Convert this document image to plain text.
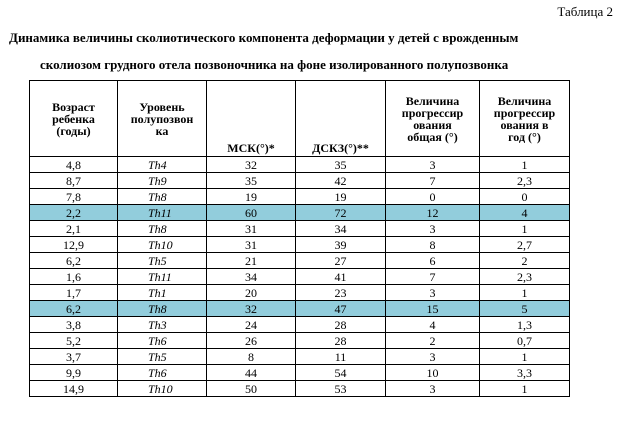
Таблица 2
Динамика величины сколиотического компонента деформации у детей с врожденным
сколиозом грудного отела позвоночника на фоне изолированного полупозвонка
Возраст
ребенка
(годы)	Уровень
полупозвон
ка	МСК(°)*	ДСКЗ(°)**	Величина
прогрессир
ования
общая (°)	Величина
прогрессир
ования в
год (°)

4,8	Th4	32	35	3	1
8,7	Th9	35	42	7	2,3
7,8	Th8	19	19	0	0
2,2	Th11	60	72	12	4
2,1	Th8	31	34	3	1
12,9	Th10	31	39	8	2,7
6,2	Th5	21	27	6	2
1,6	Th11	34	41	7	2,3
1,7	Th1	20	23	3	1
6,2	Th8	32	47	15	5
3,8	Th3	24	28	4	1,3
5,2	Th6	26	28	2	0,7
3,7	Th5	8	11	3	1
9,9	Th6	44	54	10	3,3
14,9	Th10	50	53	3	1
